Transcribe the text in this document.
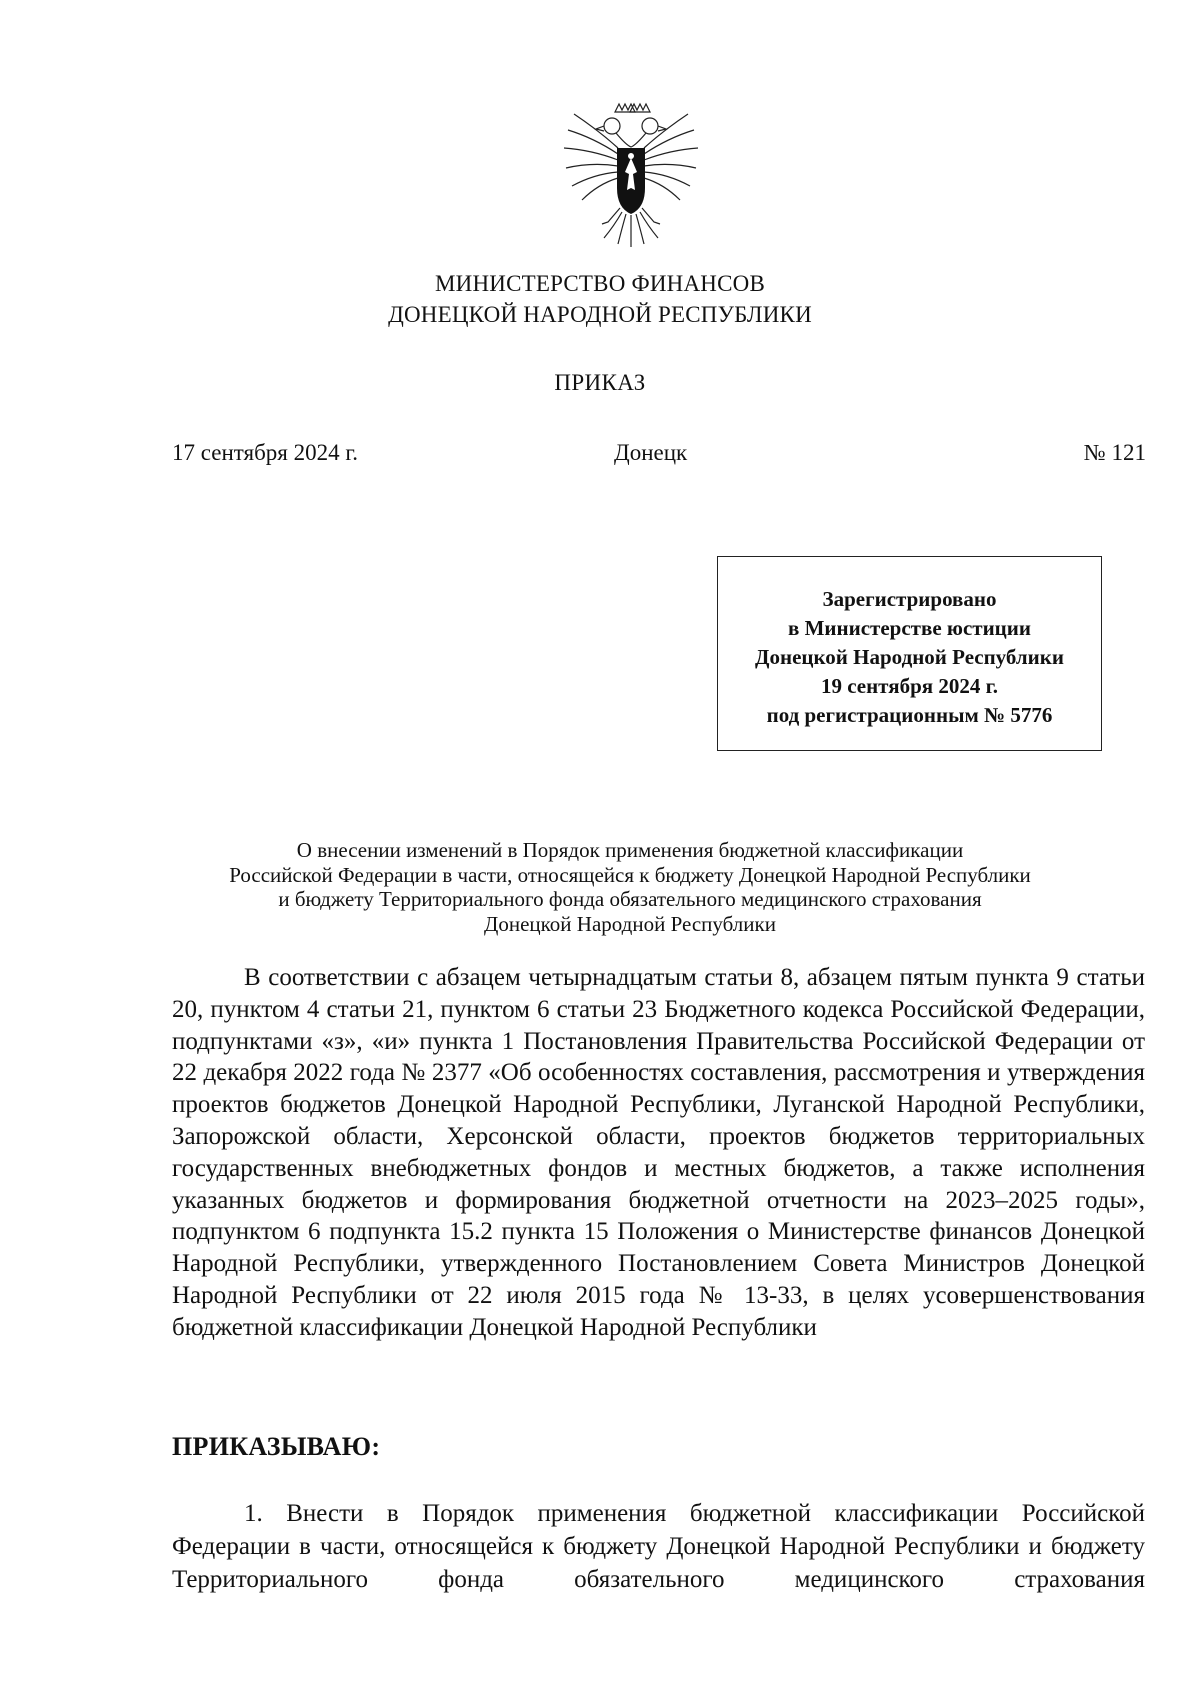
МИНИСТЕРСТВО ФИНАНСОВ
ДОНЕЦКОЙ НАРОДНОЙ РЕСПУБЛИКИ
ПРИКАЗ
17 сентября 2024 г.	Донецк	№ 121
Зарегистрировано
в Министерстве юстиции
Донецкой Народной Республики
19 сентября 2024 г.
под регистрационным № 5776
О внесении изменений в Порядок применения бюджетной классификации
Российской Федерации в части, относящейся к бюджету Донецкой Народной Республики
и бюджету Территориального фонда обязательного медицинского страхования
Донецкой Народной Республики

В соответствии с абзацем четырнадцатым статьи 8, абзацем пятым пункта 9 статьи 20, пунктом 4 статьи 21, пунктом 6 статьи 23 Бюджетного кодекса Российской Федерации, подпунктами «з», «и» пункта 1 Постановления Правительства Российской Федерации от 22 декабря 2022 года № 2377 «Об особенностях составления, рассмотрения и утверждения проектов бюджетов Донецкой Народной Республики, Луганской Народной Республики, Запорожской области, Херсонской области, проектов бюджетов территориальных государственных внебюджетных фондов и местных бюджетов, а также исполнения указанных бюджетов и формирования бюджетной отчетности на 2023–2025 годы», подпунктом 6 подпункта 15.2 пункта 15 Положения о Министерстве финансов Донецкой Народной Республики, утвержденного Постановлением Совета Министров Донецкой Народной Республики от 22 июля 2015 года № 13-33, в целях усовершенствования бюджетной классификации Донецкой Народной Республики

ПРИКАЗЫВАЮ:

1. Внести в Порядок применения бюджетной классификации Российской Федерации в части, относящейся к бюджету Донецкой Народной Республики и бюджету Территориального фонда обязательного медицинского страхования
